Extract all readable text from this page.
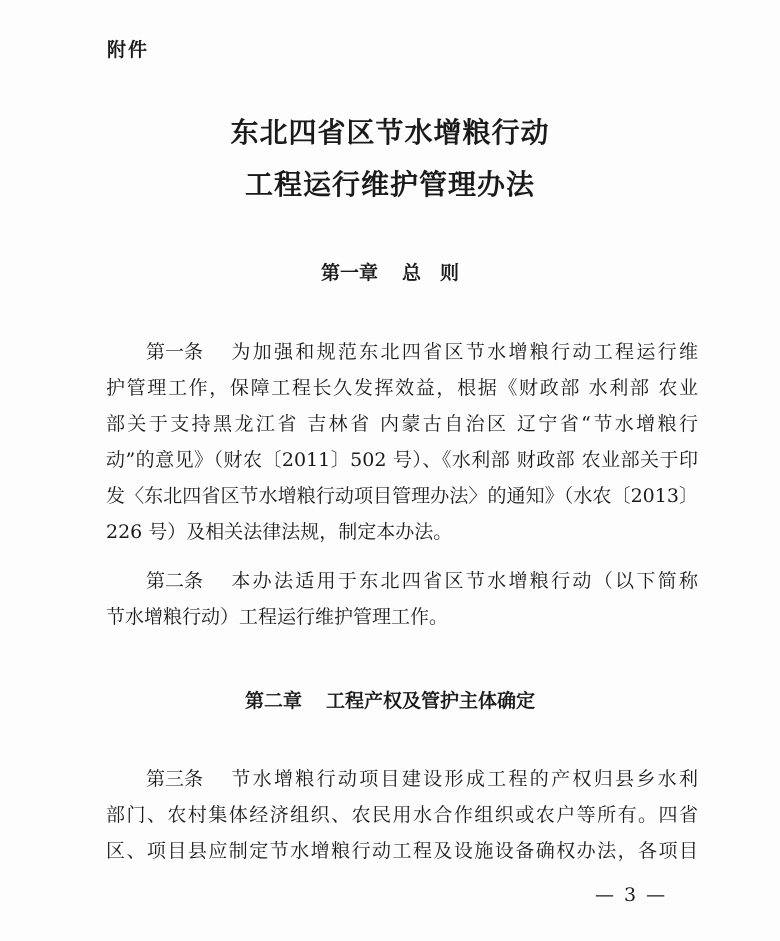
附件
东北四省区节水增粮行动
工程运行维护管理办法
第一章 总　则
第一条 为加强和规范东北四省区节水增粮行动工程运行维
护管理工作，保障工程长久发挥效益，根据《财政部 水利部 农业
部关于支持黑龙江省 吉林省 内蒙古自治区 辽宁省“节水增粮行
动”的意见》（财农〔2011〕502 号）、《水利部 财政部 农业部关于印
发〈东北四省区节水增粮行动项目管理办法〉的通知》（水农〔2013〕
226 号）及相关法律法规，制定本办法。
第二条 本办法适用于东北四省区节水增粮行动（以下简称
节水增粮行动）工程运行维护管理工作。
第二章 工程产权及管护主体确定
第三条 节水增粮行动项目建设形成工程的产权归县乡水利
部门、农村集体经济组织、农民用水合作组织或农户等所有。四省
区、项目县应制定节水增粮行动工程及设施设备确权办法，各项目
— 3 —
